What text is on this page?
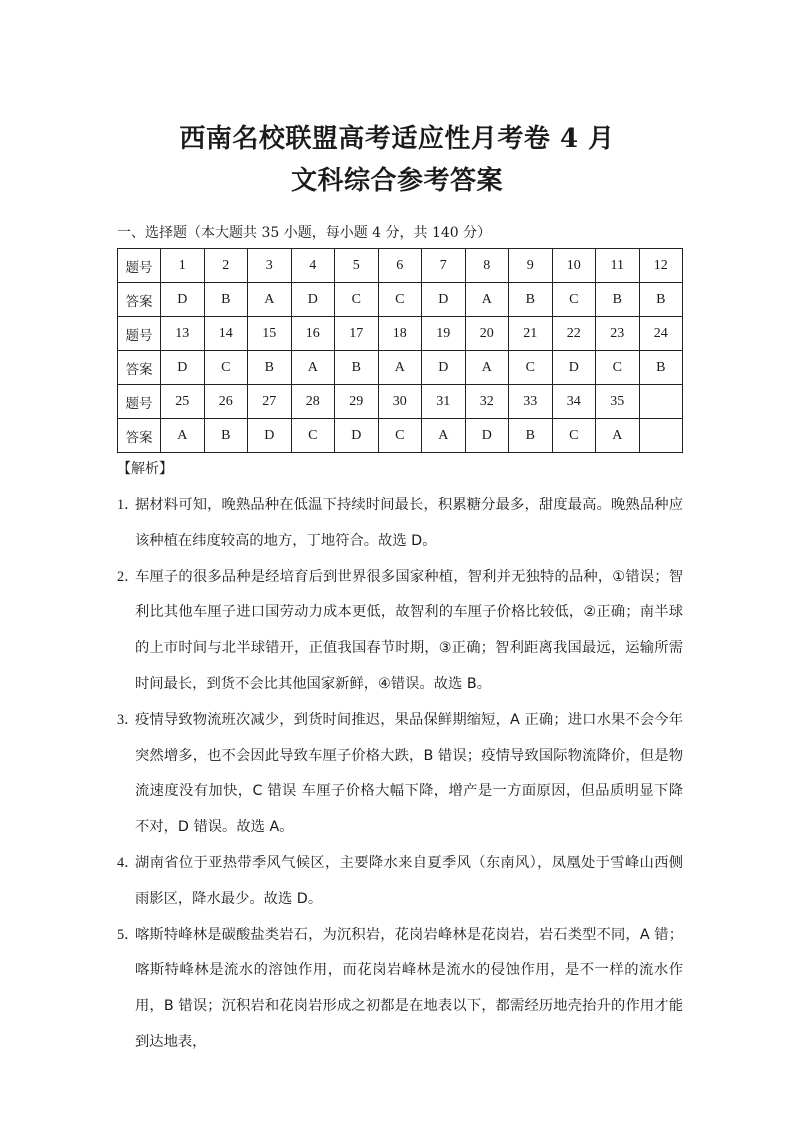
西南名校联盟高考适应性月考卷 4 月
文科综合参考答案
一、选择题（本大题共 35 小题，每小题 4 分，共 140 分）
题号	1	2	3	4	5	6	7	8	9	10	11	12
答案	D	B	A	D	C	C	D	A	B	C	B	B
题号	13	14	15	16	17	18	19	20	21	22	23	24
答案	D	C	B	A	B	A	D	A	C	D	C	B
题号	25	26	27	28	29	30	31	32	33	34	35	
答案	A	B	D	C	D	C	A	D	B	C	A	
【解析】
1．
据材料可知，晚熟品种在低温下持续时间最长，积累糖分最多，甜度最高。晚熟品种应该种植在纬度较高的地方，丁地符合。故选 D。
2．
车厘子的很多品种是经培育后到世界很多国家种植，智利并无独特的品种，①错误；智利比其他车厘子进口国劳动力成本更低，故智利的车厘子价格比较低，②正确；南半球的上市时间与北半球错开，正值我国春节时期，③正确；智利距离我国最远，运输所需时间最长，到货不会比其他国家新鲜，④错误。故选 B。
3．
疫情导致物流班次减少，到货时间推迟，果品保鲜期缩短，A 正确；进口水果不会今年突然增多，也不会因此导致车厘子价格大跌，B 错误；疫情导致国际物流降价，但是物流速度没有加快，C 错误 车厘子价格大幅下降，增产是一方面原因，但品质明显下降不对，D 错误。故选 A。
4．
湖南省位于亚热带季风气候区，主要降水来自夏季风（东南风），凤凰处于雪峰山西侧雨影区，降水最少。故选 D。
5．
喀斯特峰林是碳酸盐类岩石，为沉积岩，花岗岩峰林是花岗岩，岩石类型不同，A 错；喀斯特峰林是流水的溶蚀作用，而花岗岩峰林是流水的侵蚀作用，是不一样的流水作用，B 错误；沉积岩和花岗岩形成之初都是在地表以下，都需经历地壳抬升的作用才能到达地表，
